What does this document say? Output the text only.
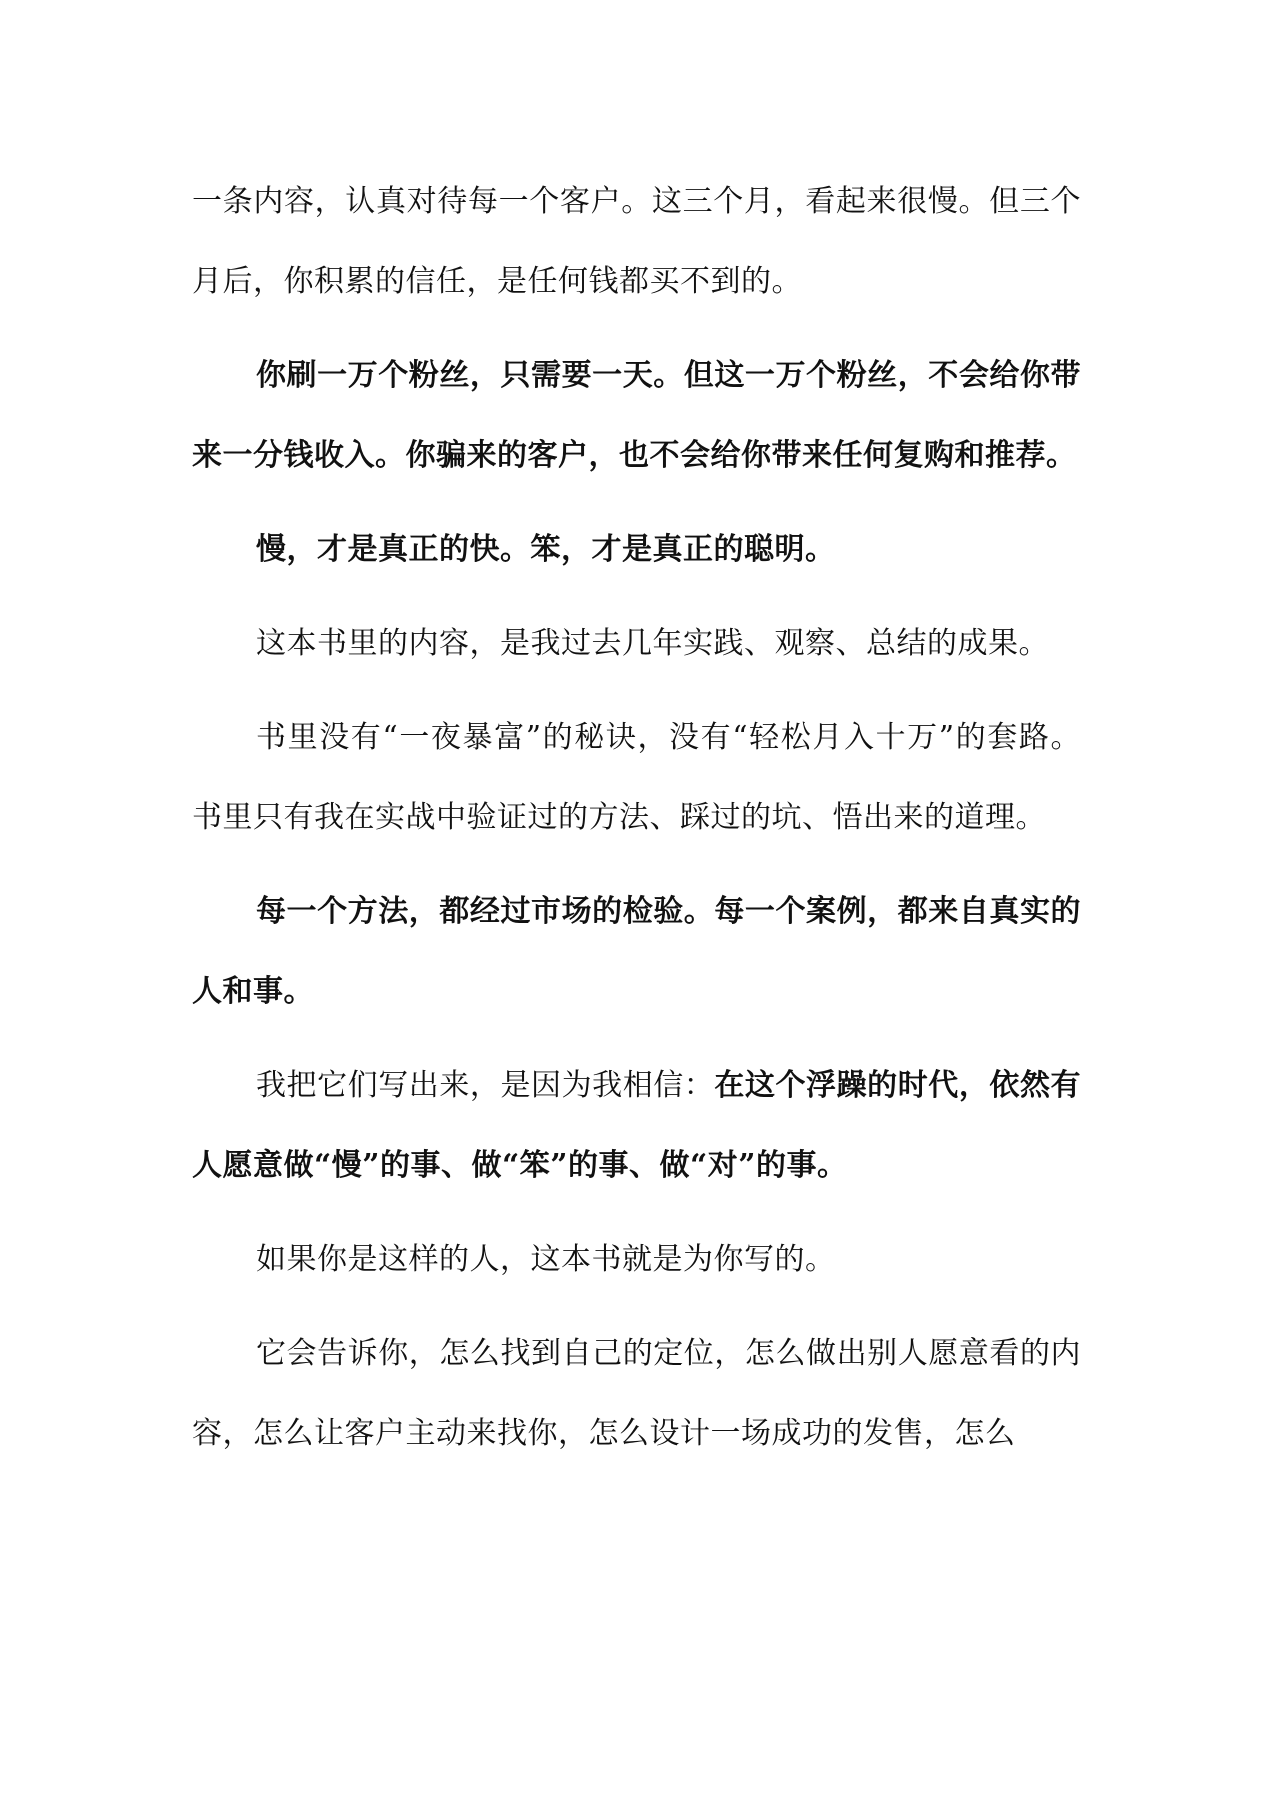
一条内容，认真对待每一个客户。这三个月，看起来很慢。但三个月后，你积累的信任，是任何钱都买不到的。

你刷一万个粉丝，只需要一天。但这一万个粉丝，不会给你带来一分钱收入。你骗来的客户，也不会给你带来任何复购和推荐。

慢，才是真正的快。笨，才是真正的聪明。

这本书里的内容，是我过去几年实践、观察、总结的成果。

书里没有“一夜暴富”的秘诀，没有“轻松月入十万”的套路。书里只有我在实战中验证过的方法、踩过的坑、悟出来的道理。

每一个方法，都经过市场的检验。每一个案例，都来自真实的人和事。

我把它们写出来，是因为我相信：在这个浮躁的时代，依然有人愿意做“慢”的事、做“笨”的事、做“对”的事。

如果你是这样的人，这本书就是为你写的。

它会告诉你，怎么找到自己的定位，怎么做出别人愿意看的内容，怎么让客户主动来找你，怎么设计一场成功的发售，怎么
